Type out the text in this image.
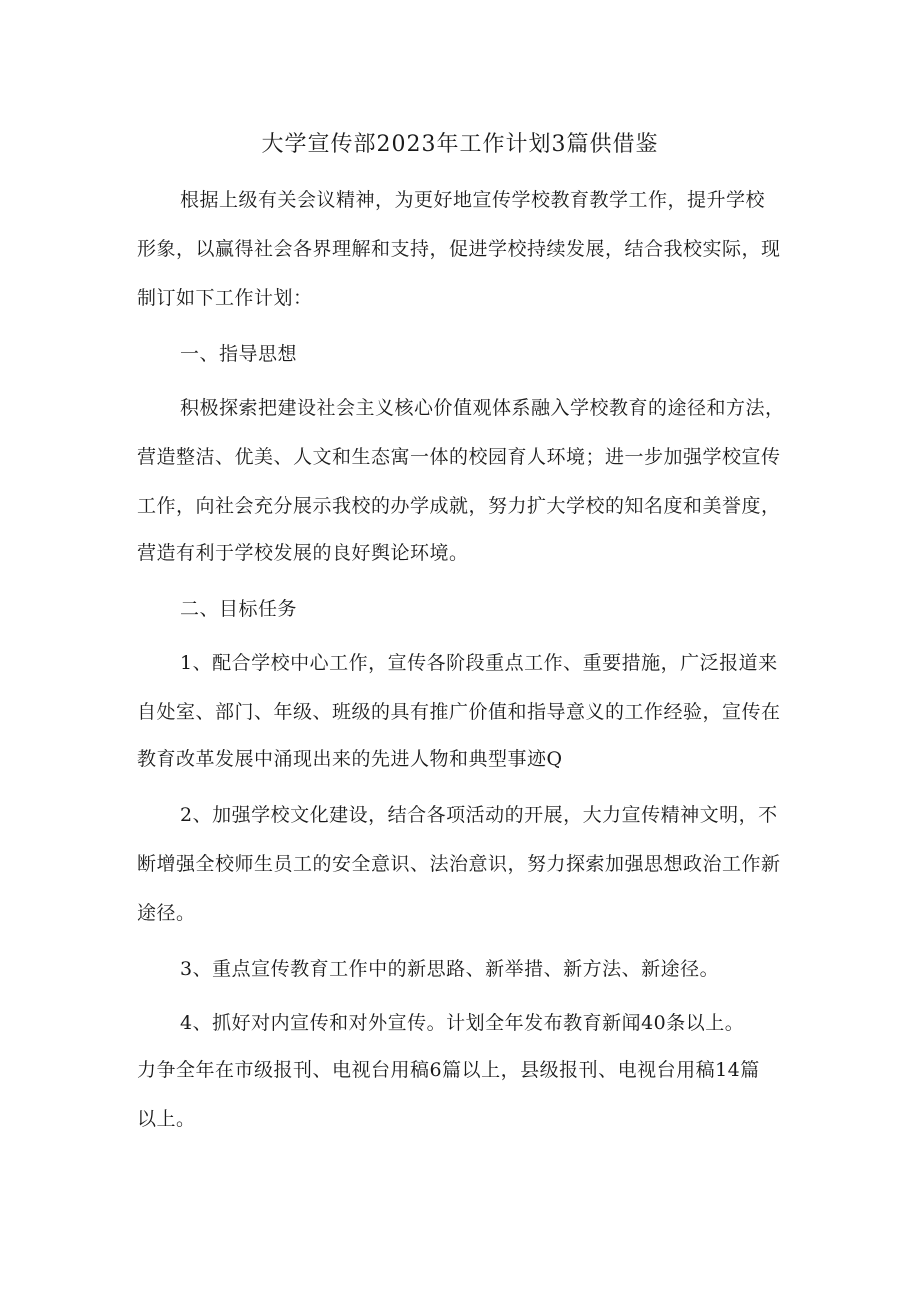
大学宣传部2023年工作计划3篇供借鉴
根据上级有关会议精神，为更好地宣传学校教育教学工作，提升学校
形象，以赢得社会各界理解和支持，促进学校持续发展，结合我校实际，现
制订如下工作计划：
一、指导思想
积极探索把建设社会主义核心价值观体系融入学校教育的途径和方法，
营造整洁、优美、人文和生态寓一体的校园育人环境；进一步加强学校宣传
工作，向社会充分展示我校的办学成就，努力扩大学校的知名度和美誉度，
营造有利于学校发展的良好舆论环境。
二、目标任务
1、配合学校中心工作，宣传各阶段重点工作、重要措施，广泛报道来
自处室、部门、年级、班级的具有推广价值和指导意义的工作经验，宣传在
教育改革发展中涌现出来的先进人物和典型事迹Q
2、加强学校文化建设，结合各项活动的开展，大力宣传精神文明，不
断增强全校师生员工的安全意识、法治意识，努力探索加强思想政治工作新
途径。
3、重点宣传教育工作中的新思路、新举措、新方法、新途径。
4、抓好对内宣传和对外宣传。计划全年发布教育新闻40条以上。
力争全年在市级报刊、电视台用稿6篇以上，县级报刊、电视台用稿14篇
以上。
